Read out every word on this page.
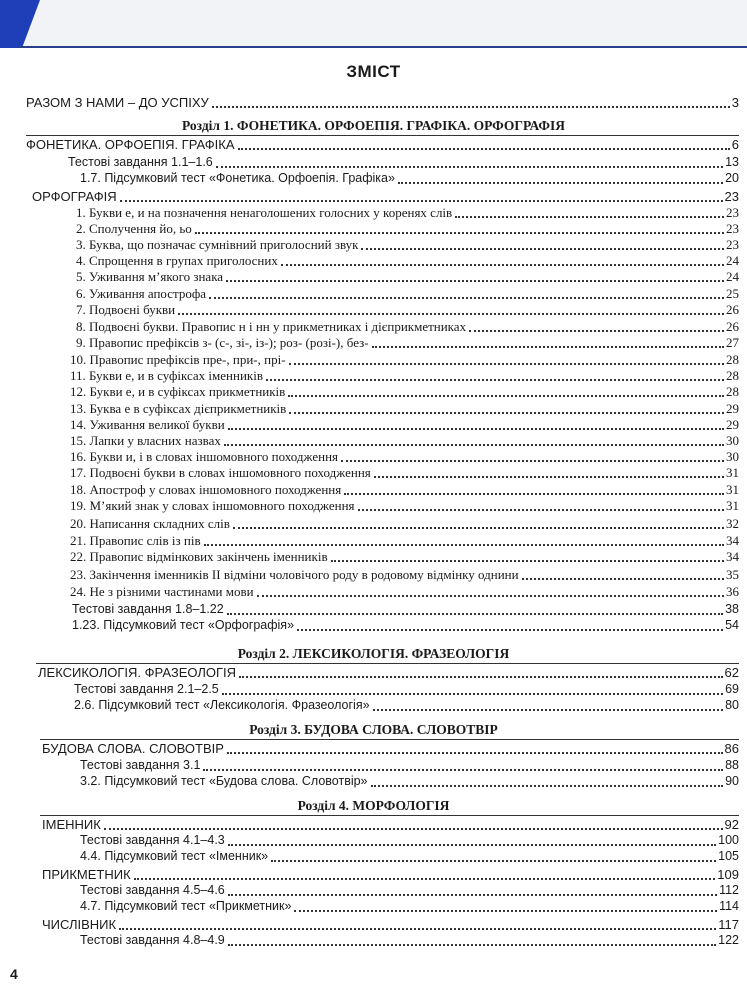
ЗМІСТ
РАЗОМ З НАМИ – ДО УСПІХУ	3
Розділ 1. ФОНЕТИКА. ОРФОЕПІЯ. ГРАФІКА. ОРФОГРАФІЯ
ФОНЕТИКА. ОРФОЕПІЯ. ГРАФІКА	6
Тестові завдання 1.1–1.6	13
1.7. Підсумковий тест «Фонетика. Орфоепія. Графіка»	20
ОРФОГРАФІЯ	23
1. Букви е, и на позначення ненаголошених голосних у коренях слів	23
2. Сполучення йо, ьо	23
3. Буква, що позначає сумнівний приголосний звук	23
4. Спрощення в групах приголосних	24
5. Уживання м’якого знака	24
6. Уживання апострофа	25
7. Подвоєні букви	26
8. Подвоєні букви. Правопис н і нн у прикметниках і дієприкметниках	26
9. Правопис префіксів з- (с-, зі-, із-); роз- (розі-), без-	27
10. Правопис префіксів пре-, при-, прі-	28
11. Букви е, и в суфіксах іменників	28
12. Букви е, и в суфіксах прикметників	28
13. Буква е в суфіксах дієприкметників	29
14. Уживання великої букви	29
15. Лапки у власних назвах	30
16. Букви и, і в словах іншомовного походження	30
17. Подвоєні букви в словах іншомовного походження	31
18. Апостроф у словах іншомовного походження	31
19. М’який знак у словах іншомовного походження	31
20. Написання складних слів	32
21. Правопис слів із пів	34
22. Правопис відмінкових закінчень іменників	34
23. Закінчення іменників ІІ відміни чоловічого роду в родовому відмінку однини	35
24. Не з різними частинами мови	36
Тестові завдання 1.8–1.22	38
1.23. Підсумковий тест «Орфографія»	54
Розділ 2. ЛЕКСИКОЛОГІЯ. ФРАЗЕОЛОГІЯ
ЛЕКСИКОЛОГІЯ. ФРАЗЕОЛОГІЯ	62
Тестові завдання 2.1–2.5	69
2.6. Підсумковий тест «Лексикологія. Фразеологія»	80
Розділ 3. БУДОВА СЛОВА. СЛОВОТВІР
БУДОВА СЛОВА. СЛОВОТВІР	86
Тестові завдання 3.1	88
3.2. Підсумковий тест «Будова слова. Словотвір»	90
Розділ 4. МОРФОЛОГІЯ
ІМЕННИК	92
Тестові завдання 4.1–4.3	100
4.4. Підсумковий тест «Іменник»	105
ПРИКМЕТНИК	109
Тестові завдання 4.5–4.6	112
4.7. Підсумковий тест «Прикметник»	114
ЧИСЛІВНИК	117
Тестові завдання 4.8–4.9	122
4
